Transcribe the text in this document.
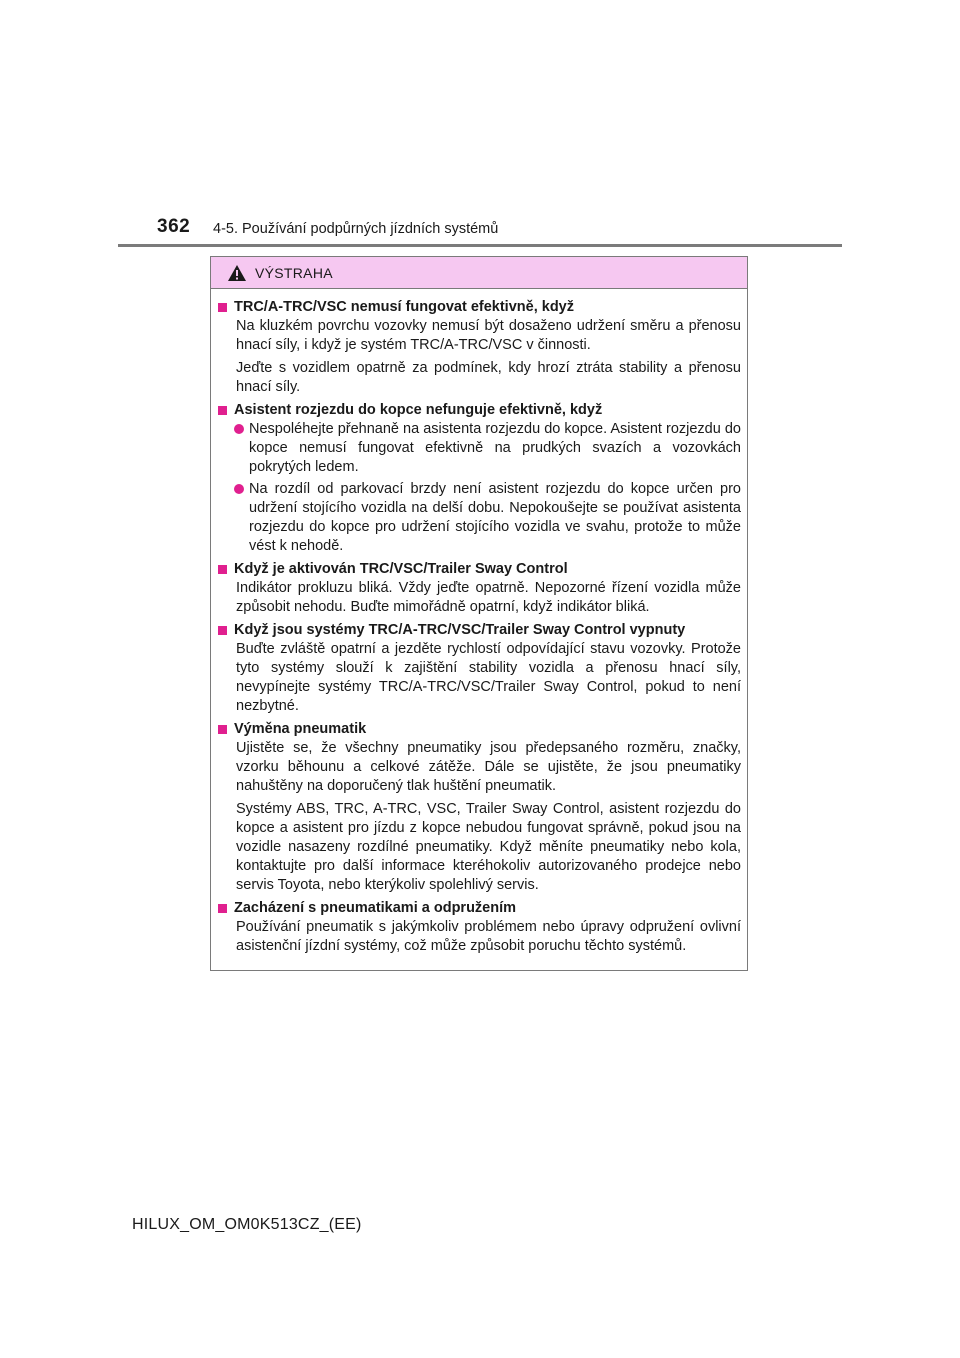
362 4-5. Používání podpůrných jízdních systémů
VÝSTRAHA
TRC/A-TRC/VSC nemusí fungovat efektivně, když

Na kluzkém povrchu vozovky nemusí být dosaženo udržení směru a přenosu hnací síly, i když je systém TRC/A-TRC/VSC v činnosti.

Jeďte s vozidlem opatrně za podmínek, kdy hrozí ztráta stability a přenosu hnací síly.

Asistent rozjezdu do kopce nefunguje efektivně, když
Nespoléhejte přehnaně na asistenta rozjezdu do kopce. Asistent rozjezdu do kopce nemusí fungovat efektivně na prudkých svazích a vozovkách pokrytých ledem.
Na rozdíl od parkovací brzdy není asistent rozjezdu do kopce určen pro udržení stojícího vozidla na delší dobu. Nepokoušejte se používat asistenta rozjezdu do kopce pro udržení stojícího vozidla ve svahu, protože to může vést k nehodě.
Když je aktivován TRC/VSC/Trailer Sway Control

Indikátor prokluzu bliká. Vždy jeďte opatrně. Nepozorné řízení vozidla může způsobit nehodu. Buďte mimořádně opatrní, když indikátor bliká.

Když jsou systémy TRC/A-TRC/VSC/Trailer Sway Control vypnuty

Buďte zvláště opatrní a jezděte rychlostí odpovídající stavu vozovky. Protože tyto systémy slouží k zajištění stability vozidla a přenosu hnací síly, nevypínejte systémy TRC/A-TRC/VSC/Trailer Sway Control, pokud to není nezbytné.

Výměna pneumatik

Ujistěte se, že všechny pneumatiky jsou předepsaného rozměru, značky, vzorku běhounu a celkové zátěže. Dále se ujistěte, že jsou pneumatiky nahuštěny na doporučený tlak huštění pneumatik.

Systémy ABS, TRC, A-TRC, VSC, Trailer Sway Control, asistent rozjezdu do kopce a asistent pro jízdu z kopce nebudou fungovat správně, pokud jsou na vozidle nasazeny rozdílné pneumatiky. Když měníte pneumatiky nebo kola, kontaktujte pro další informace kteréhokoliv autorizovaného prodejce nebo servis Toyota, nebo kterýkoliv spolehlivý servis.

Zacházení s pneumatikami a odpružením

Používání pneumatik s jakýmkoliv problémem nebo úpravy odpružení ovlivní asistenční jízdní systémy, což může způsobit poruchu těchto systémů.

HILUX_OM_OM0K513CZ_(EE)
